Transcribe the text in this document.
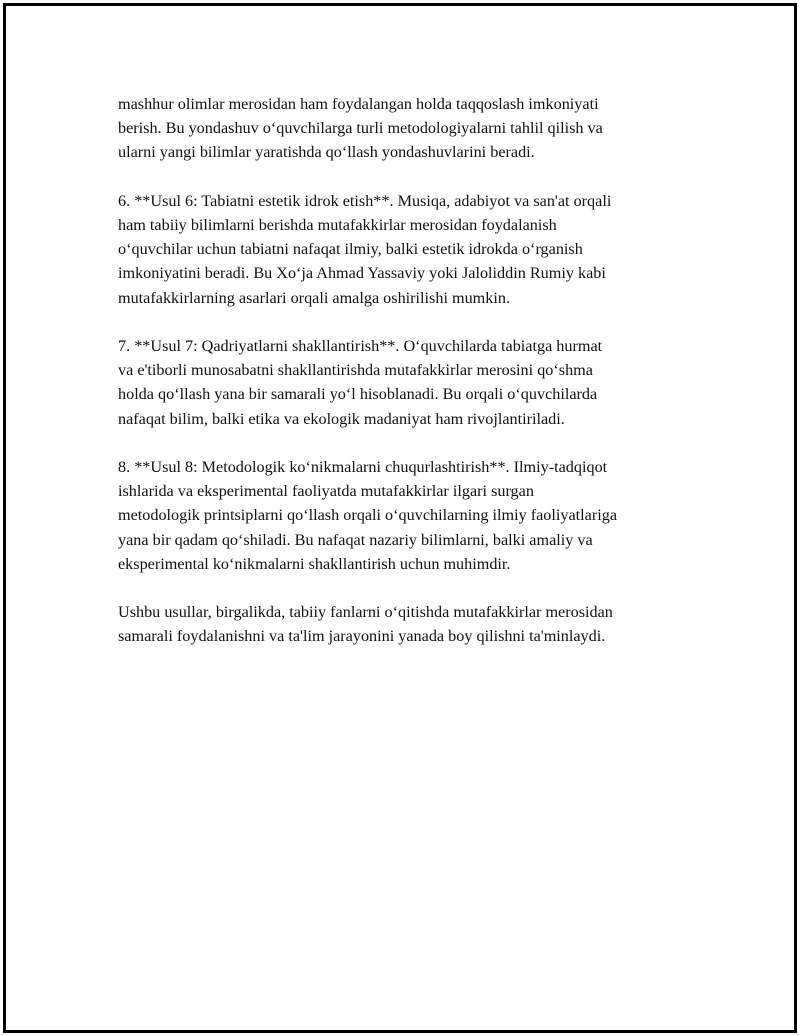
mashhur olimlar merosidan ham foydalangan holda taqqoslash imkoniyati
berish. Bu yondashuv o‘quvchilarga turli metodologiyalarni tahlil qilish va
ularni yangi bilimlar yaratishda qo‘llash yondashuvlarini beradi.

6. **Usul 6: Tabiatni estetik idrok etish**. Musiqa, adabiyot va san'at orqali
ham tabiiy bilimlarni berishda mutafakkirlar merosidan foydalanish
o‘quvchilar uchun tabiatni nafaqat ilmiy, balki estetik idrokda o‘rganish
imkoniyatini beradi. Bu Xo‘ja Ahmad Yassaviy yoki Jaloliddin Rumiy kabi
mutafakkirlarning asarlari orqali amalga oshirilishi mumkin.

7. **Usul 7: Qadriyatlarni shakllantirish**. O‘quvchilarda tabiatga hurmat
va e'tiborli munosabatni shakllantirishda mutafakkirlar merosini qo‘shma
holda qo‘llash yana bir samarali yo‘l hisoblanadi. Bu orqali o‘quvchilarda
nafaqat bilim, balki etika va ekologik madaniyat ham rivojlantiriladi.

8. **Usul 8: Metodologik ko‘nikmalarni chuqurlashtirish**. Ilmiy-tadqiqot
ishlarida va eksperimental faoliyatda mutafakkirlar ilgari surgan
metodologik printsiplarni qo‘llash orqali o‘quvchilarning ilmiy faoliyatlariga
yana bir qadam qo‘shiladi. Bu nafaqat nazariy bilimlarni, balki amaliy va
eksperimental ko‘nikmalarni shakllantirish uchun muhimdir.

Ushbu usullar, birgalikda, tabiiy fanlarni o‘qitishda mutafakkirlar merosidan
samarali foydalanishni va ta'lim jarayonini yanada boy qilishni ta'minlaydi.
